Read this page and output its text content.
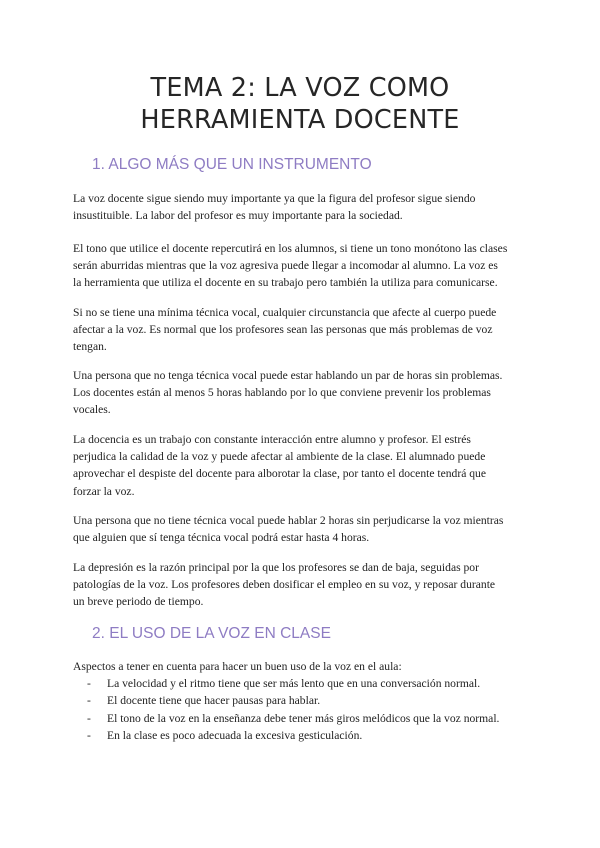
TEMA 2: LA VOZ COMO
HERRAMIENTA DOCENTE
1. ALGO MÁS QUE UN INSTRUMENTO
La voz docente sigue siendo muy importante ya que la figura del profesor sigue siendo
insustituible. La labor del profesor es muy importante para la sociedad.
El tono que utilice el docente repercutirá en los alumnos, si tiene un tono monótono las clases
serán aburridas mientras que la voz agresiva puede llegar a incomodar al alumno. La voz es
la herramienta que utiliza el docente en su trabajo pero también la utiliza para comunicarse.
Si no se tiene una mínima técnica vocal, cualquier circunstancia que afecte al cuerpo puede
afectar a la voz. Es normal que los profesores sean las personas que más problemas de voz
tengan.
Una persona que no tenga técnica vocal puede estar hablando un par de horas sin problemas.
Los docentes están al menos 5 horas hablando por lo que conviene prevenir los problemas
vocales.
La docencia es un trabajo con constante interacción entre alumno y profesor. El estrés
perjudica la calidad de la voz y puede afectar al ambiente de la clase. El alumnado puede
aprovechar el despiste del docente para alborotar la clase, por tanto el docente tendrá que
forzar la voz.
Una persona que no tiene técnica vocal puede hablar 2 horas sin perjudicarse la voz mientras
que alguien que sí tenga técnica vocal podrá estar hasta 4 horas.
La depresión es la razón principal por la que los profesores se dan de baja, seguidas por
patologías de la voz. Los profesores deben dosificar el empleo en su voz, y reposar durante
un breve periodo de tiempo.
2. EL USO DE LA VOZ EN CLASE
Aspectos a tener en cuenta para hacer un buen uso de la voz en el aula:
- La velocidad y el ritmo tiene que ser más lento que en una conversación normal.
- El docente tiene que hacer pausas para hablar.
- El tono de la voz en la enseñanza debe tener más giros melódicos que la voz normal.
- En la clase es poco adecuada la excesiva gesticulación.
